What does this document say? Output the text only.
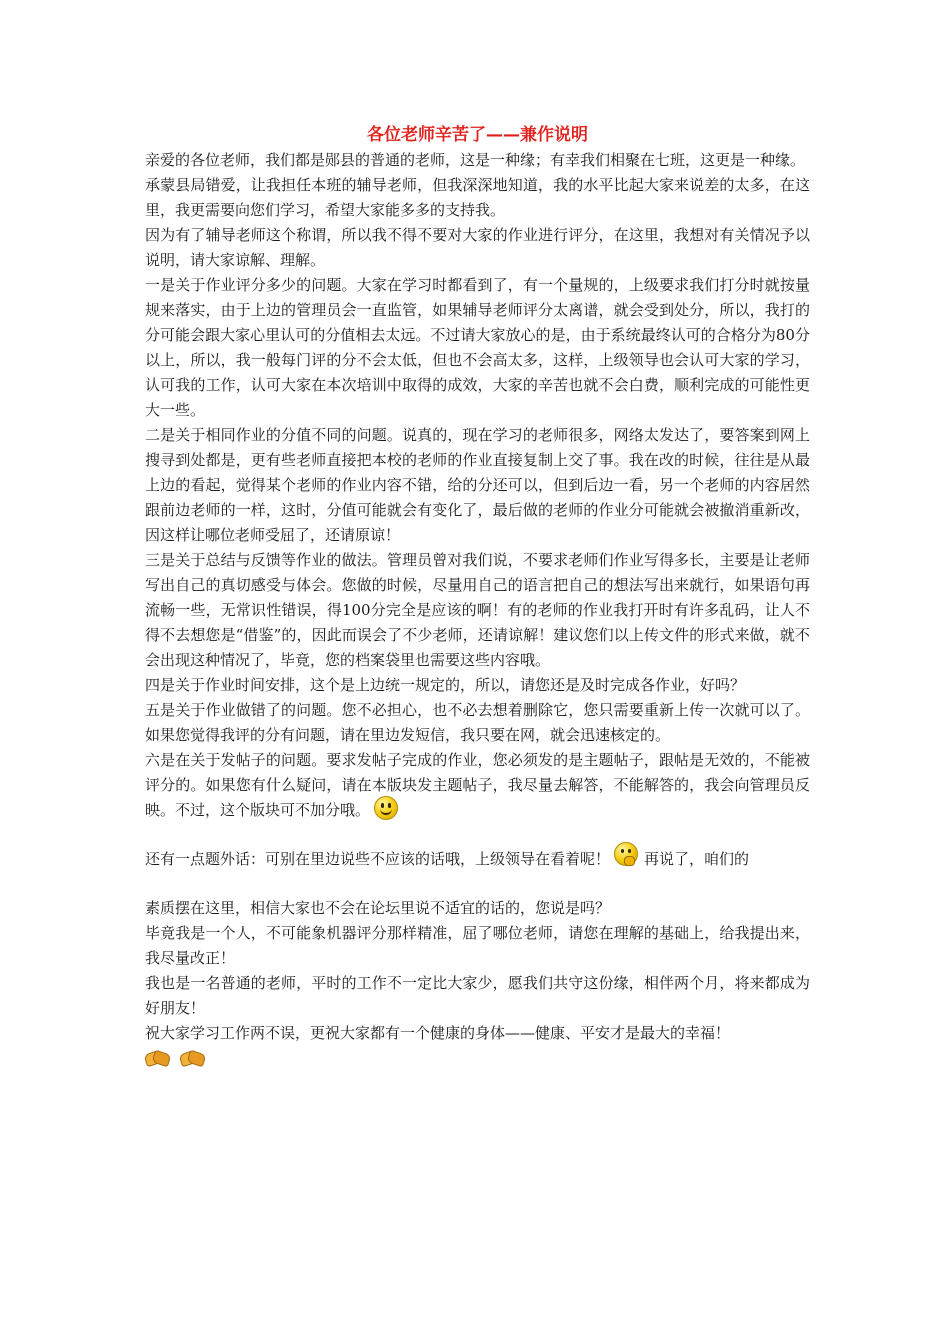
各位老师辛苦了——兼作说明

亲爱的各位老师，我们都是郧县的普通的老师，这是一种缘；有幸我们相聚在七班，这更是一种缘。

承蒙县局错爱，让我担任本班的辅导老师，但我深深地知道，我的水平比起大家来说差的太多，在这里，我更需要向您们学习，希望大家能多多的支持我。

因为有了辅导老师这个称谓，所以我不得不要对大家的作业进行评分，在这里，我想对有关情况予以说明，请大家谅解、理解。

一是关于作业评分多少的问题。大家在学习时都看到了，有一个量规的，上级要求我们打分时就按量规来落实，由于上边的管理员会一直监管，如果辅导老师评分太离谱，就会受到处分，所以，我打的分可能会跟大家心里认可的分值相去太远。不过请大家放心的是，由于系统最终认可的合格分为80分以上，所以，我一般每门评的分不会太低，但也不会高太多，这样，上级领导也会认可大家的学习，认可我的工作，认可大家在本次培训中取得的成效，大家的辛苦也就不会白费，顺利完成的可能性更大一些。

二是关于相同作业的分值不同的问题。说真的，现在学习的老师很多，网络太发达了，要答案到网上搜寻到处都是，更有些老师直接把本校的老师的作业直接复制上交了事。我在改的时候，往往是从最上边的看起，觉得某个老师的作业内容不错，给的分还可以，但到后边一看，另一个老师的内容居然跟前边老师的一样，这时，分值可能就会有变化了，最后做的老师的作业分可能就会被撤消重新改，因这样让哪位老师受屈了，还请原谅！

三是关于总结与反馈等作业的做法。管理员曾对我们说，不要求老师们作业写得多长，主要是让老师写出自己的真切感受与体会。您做的时候，尽量用自己的语言把自己的想法写出来就行，如果语句再流畅一些，无常识性错误，得100分完全是应该的啊！有的老师的作业我打开时有许多乱码，让人不得不去想您是“借鉴”的，因此而误会了不少老师，还请谅解！建议您们以上传文件的形式来做，就不会出现这种情况了，毕竟，您的档案袋里也需要这些内容哦。

四是关于作业时间安排，这个是上边统一规定的，所以，请您还是及时完成各作业，好吗？

五是关于作业做错了的问题。您不必担心，也不必去想着删除它，您只需要重新上传一次就可以了。如果您觉得我评的分有问题，请在里边发短信，我只要在网，就会迅速核定的。

六是在关于发帖子的问题。要求发帖子完成的作业，您必须发的是主题帖子，跟帖是无效的，不能被评分的。如果您有什么疑问，请在本版块发主题帖子，我尽量去解答，不能解答的，我会向管理员反映。不过，这个版块可不加分哦。

还有一点题外话：可别在里边说些不应该的话哦，上级领导在看着呢！ 再说了，咱们的

素质摆在这里，相信大家也不会在论坛里说不适宜的话的，您说是吗？

毕竟我是一个人，不可能象机器评分那样精准，屈了哪位老师，请您在理解的基础上，给我提出来，我尽量改正！

我也是一名普通的老师，平时的工作不一定比大家少，愿我们共守这份缘，相伴两个月，将来都成为好朋友！

祝大家学习工作两不误，更祝大家都有一个健康的身体——健康、平安才是最大的幸福！
